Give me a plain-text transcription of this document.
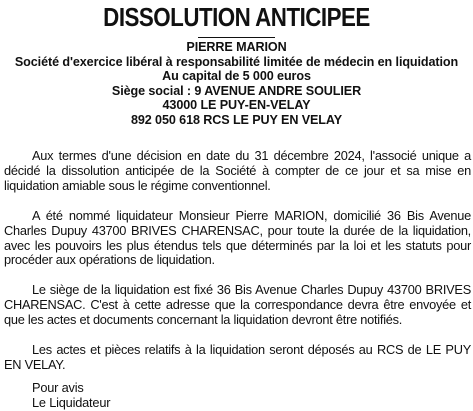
DISSOLUTION ANTICIPEE
PIERRE MARION
Société d'exercice libéral à responsabilité limitée de médecin en liquidation
Au capital de 5 000 euros
Siège social : 9 AVENUE ANDRE SOULIER
43000 LE PUY-EN-VELAY
892 050 618 RCS LE PUY EN VELAY

Aux termes d'une décision en date du 31 décembre 2024, l'associé unique a décidé la dissolution anticipée de la Société à compter de ce jour et sa mise en liquidation amiable sous le régime conventionnel.

A été nommé liquidateur Monsieur Pierre MARION, domicilié 36 Bis Avenue Charles Dupuy 43700 BRIVES CHARENSAC, pour toute la durée de la liquidation, avec les pouvoirs les plus étendus tels que déterminés par la loi et les statuts pour procéder aux opérations de liquidation.

Le siège de la liquidation est fixé 36 Bis Avenue Charles Dupuy 43700 BRIVES CHARENSAC. C'est à cette adresse que la correspondance devra être envoyée et que les actes et documents concernant la liquidation devront être notifiés.

Les actes et pièces relatifs à la liquidation seront déposés au RCS de LE PUY EN VELAY.

Pour avis
Le Liquidateur
